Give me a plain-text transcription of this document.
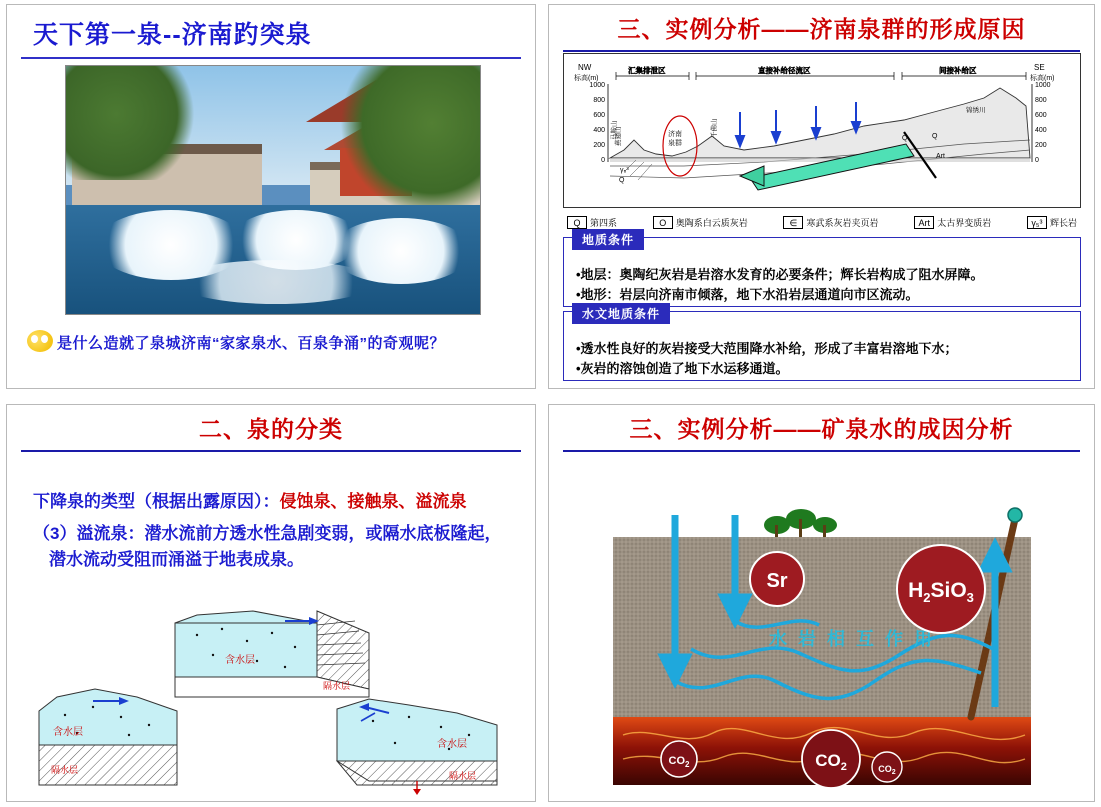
天下第一泉--济南趵突泉
是什么造就了泉城济南“家家泉水、百泉争涌”的奇观呢？
三、实例分析——济南泉群的形成原因
NW
标高(m)
SE
标高(m)
1000
800
600
400
200
0
1000
800
600
400
200
0
汇集排泄区	直接补给径流区	间接补给区
济南
泉群
马鞍山
燕翅山	千佛山
锦绣川
γ₅³
Q
Q	Q
Art
Q	第四系	O	奥陶系白云质灰岩	∈	寒武系灰岩夹页岩	Art 太古界变质岩	γ₅³ 辉长岩
地质条件
•地层：奥陶纪灰岩是岩溶水发育的必要条件；辉长岩构成了阻水屏障。
•地形：岩层向济南市倾落，地下水沿岩层通道向市区流动。
水文地质条件
•透水性良好的灰岩接受大范围降水补给，形成了丰富岩溶地下水；
•灰岩的溶蚀创造了地下水运移通道。
二、泉的分类
下降泉的类型（根据出露原因）：侵蚀泉、接触泉、溢流泉
（3）溢流泉：潜水流前方透水性急剧变弱，或隔水底板隆起，
潜水流动受阻而涌溢于地表成泉。
含水层
隔水层
含水层
隔水层
含水层
隔水层
三、实例分析——矿泉水的成因分析
水 岩 相 互 作 用
Sr	$H_2SiO_3$
$CO_2$	$CO_2$	$CO_2$
